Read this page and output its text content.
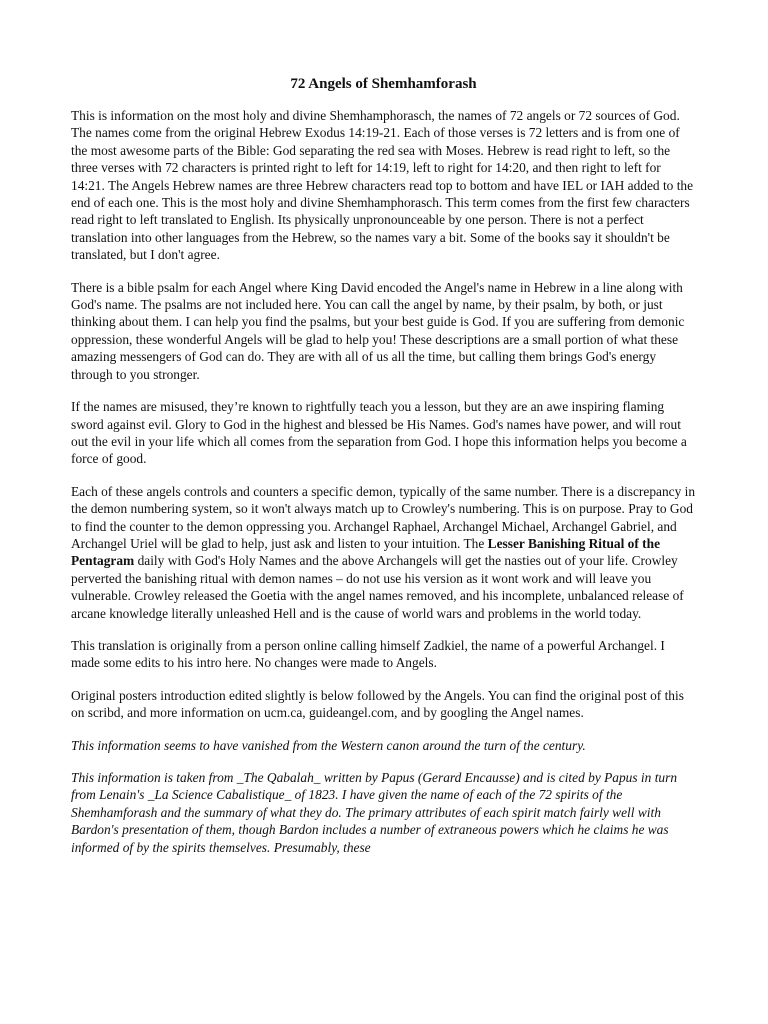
72 Angels of Shemhamforash

This is information on the most holy and divine Shemhamphorasch, the names of 72 angels or 72 sources of God. The names come from the original Hebrew Exodus 14:19-21. Each of those verses is 72 letters and is from one of the most awesome parts of the Bible: God separating the red sea with Moses. Hebrew is read right to left, so the three verses with 72 characters is printed right to left for 14:19, left to right for 14:20, and then right to left for 14:21. The Angels Hebrew names are three Hebrew characters read top to bottom and have IEL or IAH added to the end of each one. This is the most holy and divine Shemhamphorasch. This term comes from the first few characters read right to left translated to English. Its physically unpronounceable by one person. There is not a perfect translation into other languages from the Hebrew, so the names vary a bit. Some of the books say it shouldn't be translated, but I don't agree.

There is a bible psalm for each Angel where King David encoded the Angel's name in Hebrew in a line along with God's name. The psalms are not included here. You can call the angel by name, by their psalm, by both, or just thinking about them. I can help you find the psalms, but your best guide is God. If you are suffering from demonic oppression, these wonderful Angels will be glad to help you! These descriptions are a small portion of what these amazing messengers of God can do. They are with all of us all the time, but calling them brings God's energy through to you stronger.

If the names are misused, they’re known to rightfully teach you a lesson, but they are an awe inspiring flaming sword against evil. Glory to God in the highest and blessed be His Names. God's names have power, and will rout out the evil in your life which all comes from the separation from God. I hope this information helps you become a force of good.

Each of these angels controls and counters a specific demon, typically of the same number. There is a discrepancy in the demon numbering system, so it won't always match up to Crowley's numbering. This is on purpose. Pray to God to find the counter to the demon oppressing you. Archangel Raphael, Archangel Michael, Archangel Gabriel, and Archangel Uriel will be glad to help, just ask and listen to your intuition. The Lesser Banishing Ritual of the Pentagram daily with God's Holy Names and the above Archangels will get the nasties out of your life. Crowley perverted the banishing ritual with demon names – do not use his version as it wont work and will leave you vulnerable. Crowley released the Goetia with the angel names removed, and his incomplete, unbalanced release of arcane knowledge literally unleashed Hell and is the cause of world wars and problems in the world today.

This translation is originally from a person online calling himself Zadkiel, the name of a powerful Archangel. I made some edits to his intro here. No changes were made to Angels.

Original posters introduction edited slightly is below followed by the Angels. You can find the original post of this on scribd, and more information on ucm.ca, guideangel.com, and by googling the Angel names.

This information seems to have vanished from the Western canon around the turn of the century.

This information is taken from _The Qabalah_ written by Papus (Gerard Encausse) and is cited by Papus in turn from Lenain's _La Science Cabalistique_ of 1823. I have given the name of each of the 72 spirits of the Shemhamforash and the summary of what they do. The primary attributes of each spirit match fairly well with Bardon's presentation of them, though Bardon includes a number of extraneous powers which he claims he was informed of by the spirits themselves. Presumably, these
